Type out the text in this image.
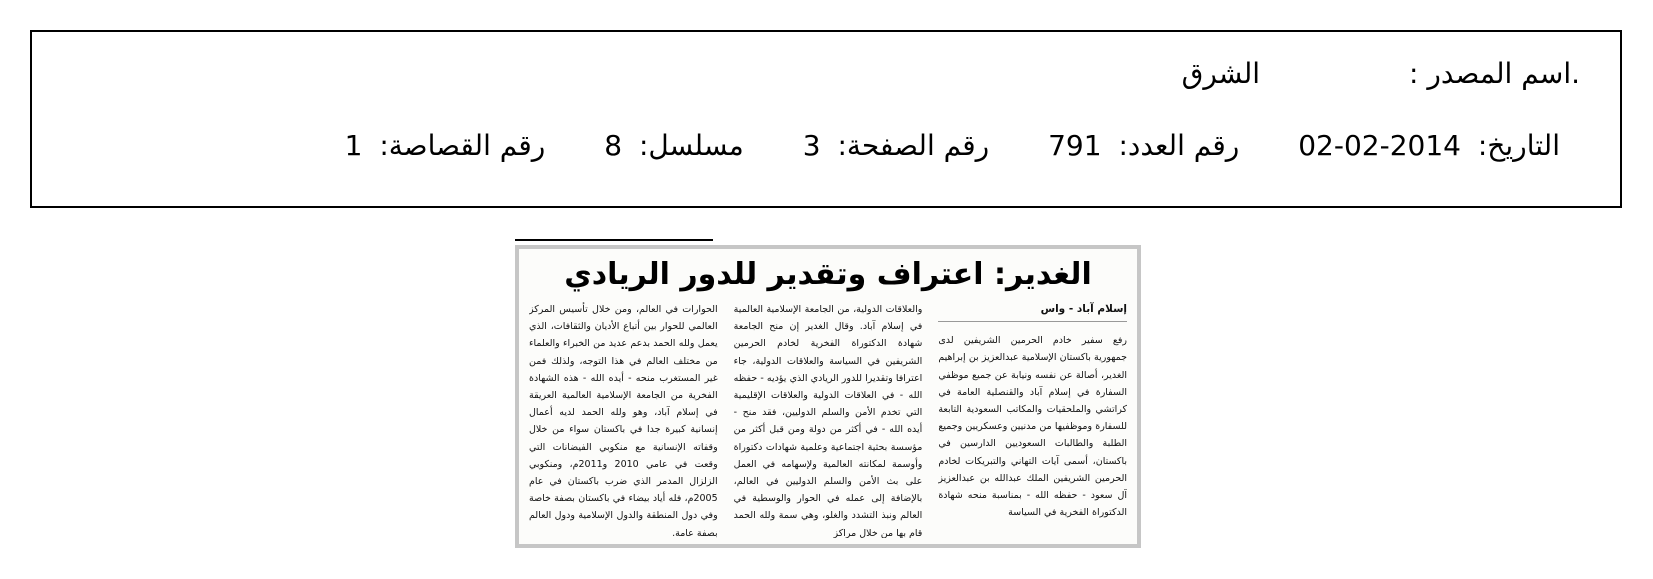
.اسم المصدر : الشرق
التاريخ: 2014-02-02 رقم العدد: 791 رقم الصفحة: 3 مسلسل: 8 رقم القصاصة: 1
الغدير: اعتراف وتقدير للدور الريادي
إسلام آباد - واس
رفع سفير خادم الحرمين الشريفين لدى جمهورية باكستان الإسلامية عبدالعزيز بن إبراهيم الغدير، أصالة عن نفسه ونيابة عن جميع موظفي السفارة في إسلام آباد والقنصلية العامة في كراتشي والملحقيات والمكاتب السعودية التابعة للسفارة وموظفيها من مدنيين وعسكريين وجميع الطلبة والطالبات السعوديين الدارسين في باكستان، أسمى آيات التهاني والتبريكات لخادم الحرمين الشريفين الملك عبدالله بن عبدالعزيز آل سعود - حفظه الله - بمناسبة منحه شهادة الدكتوراة الفخرية في السياسة
والعلاقات الدولية، من الجامعة الإسلامية العالمية في إسلام آباد. وقال الغدير إن منح الجامعة شهادة الدكتوراة الفخرية لخادم الحرمين الشريفين في السياسة والعلاقات الدولية، جاء اعترافا وتقديرا للدور الريادي الذي يؤديه - حفظه الله - في العلاقات الدولية والعلاقات الإقليمية التي تخدم الأمن والسلم الدوليين، فقد منح - أيده الله - في أكثر من دولة ومن قبل أكثر من مؤسسة بحثية اجتماعية وعلمية شهادات دكتوراة وأوسمة لمكانته العالمية ولإسهامه في العمل على بث الأمن والسلم الدوليين في العالم، بالإضافة إلى عمله في الحوار والوسطية في العالم ونبذ التشدد والغلو، وهي سمة ولله الحمد قام بها من خلال مراكز
الحوارات في العالم، ومن خلال تأسيس المركز العالمي للحوار بين أتباع الأديان والثقافات، الذي يعمل ولله الحمد بدعم عديد من الخبراء والعلماء من مختلف العالم في هذا التوجه، ولذلك فمن غير المستغرب منحه - أيده الله - هذه الشهادة الفخرية من الجامعة الإسلامية العالمية العريقة في إسلام آباد، وهو ولله الحمد لديه أعمال إنسانية كبيرة جدا في باكستان سواء من خلال وقفاته الإنسانية مع منكوبي الفيضانات التي وقعت في عامي 2010 و2011م، ومنكوبي الزلزال المدمر الذي ضرب باكستان في عام 2005م، فله أياد بيضاء في باكستان بصفة خاصة وفي دول المنطقة والدول الإسلامية ودول العالم بصفة عامة.
